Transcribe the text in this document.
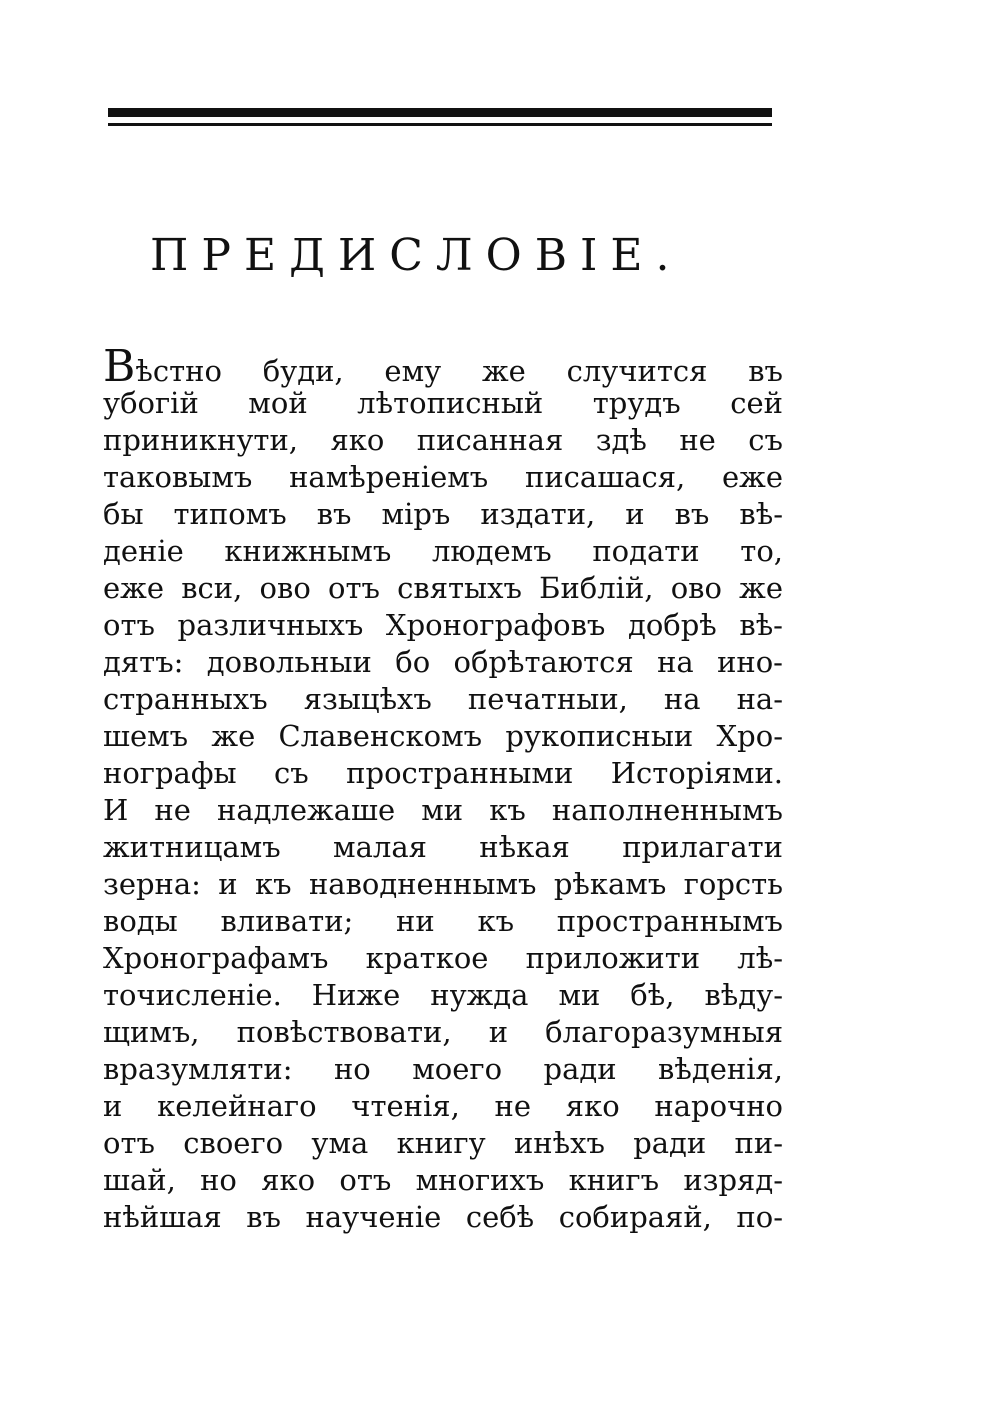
ПРЕДИСЛОВІЕ.
Вѣстно буди, ему же случится въ
убогій мой лѣтописный трудъ сей
приникнути, яко писанная здѣ не съ
таковымъ намѣреніемъ писашася, еже
бы типомъ въ міръ издати, и въ вѣ-
деніе книжнымъ людемъ подати то,
еже вси, ово отъ святыхъ Библій, ово же
отъ различныхъ Хронографовъ добрѣ вѣ-
дятъ: довольныи бо обрѣтаются на ино-
странныхъ языцѣхъ печатныи, на на-
шемъ же Славенскомъ рукописныи Хро-
нографы съ пространными Исторіями.
И не надлежаше ми къ наполненнымъ
житницамъ малая нѣкая прилагати
зерна: и къ наводненнымъ рѣкамъ горсть
воды вливати; ни къ пространнымъ
Хронографамъ краткое приложити лѣ-
точисленіе. Ниже нужда ми бѣ, вѣду-
щимъ, повѣствовати, и благоразумныя
вразумляти: но моего ради вѣденія,
и келейнаго чтенія, не яко нарочно
отъ своего ума книгу инѣхъ ради пи-
шай, но яко отъ многихъ книгъ изряд-
нѣйшая въ наученіе себѣ собираяй, по-
